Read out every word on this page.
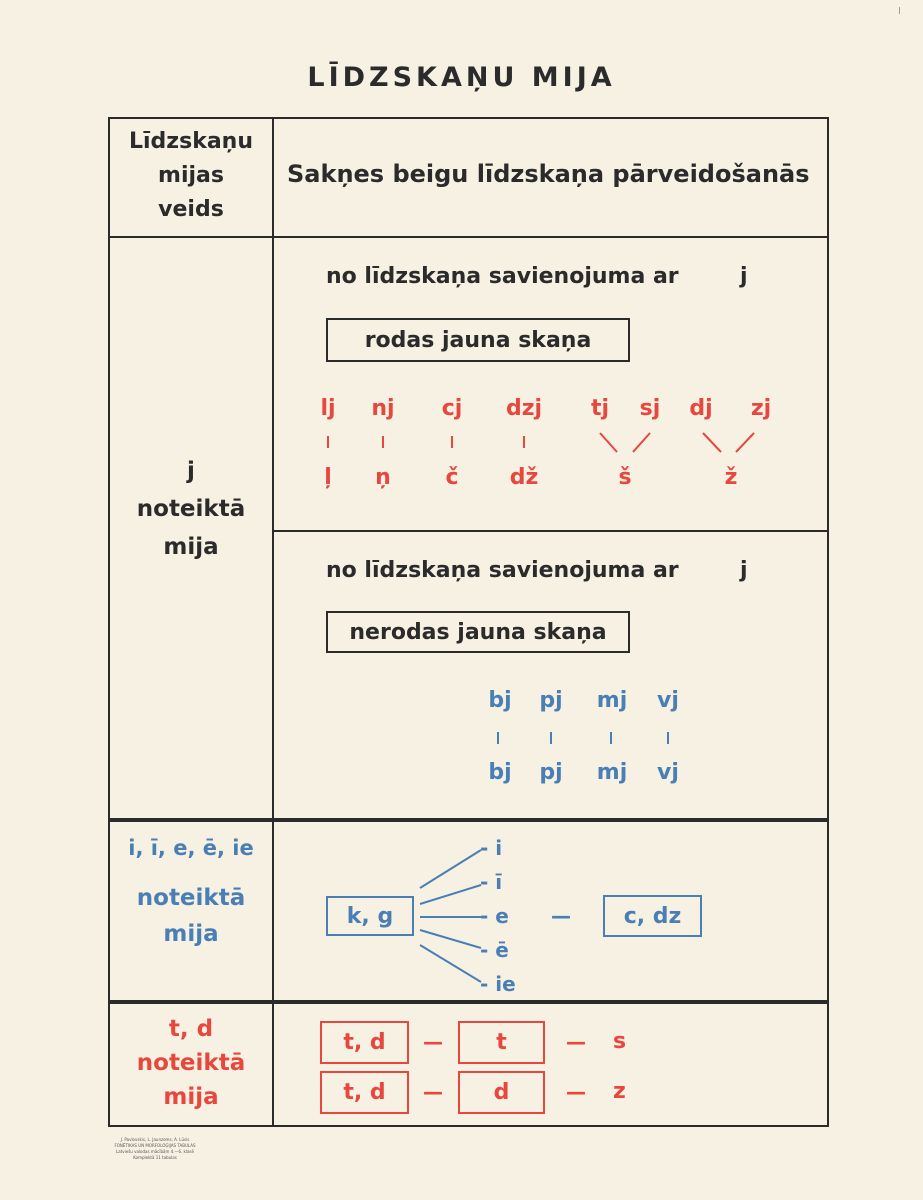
I
LĪDZSKAŅU MIJA
Līdzskaņu
mijas
veids
Sakņes beigu līdzskaņa pārveidošanās
j
noteiktā
mija
no līdzskaņa savienojuma ar	j
rodas jauna skaņa
lj	nj	cj	dzj	tj	sj	dj	zj
ļ	ņ	č	dž	š	ž
no līdzskaņa savienojuma ar	j
nerodas jauna skaņa
bj	pj	mj	vj
bj	pj	mj	vj
i, ī, e, ē, ie
noteiktā
mija
k, g
- i
- ī
- e
- ē
- ie
—	c, dz
t, d
noteiktā
mija
t, d	—	t	— s
t, d	—	d	— z
J. Pavlovskis, L. Jaunzems, A. Lūsis
FONĒTIKAS UN MORFOLOĢIJAS TABULAS
Latviešu valodas mācībām 4.—6. klasē
Komplektā 11 tabulas
